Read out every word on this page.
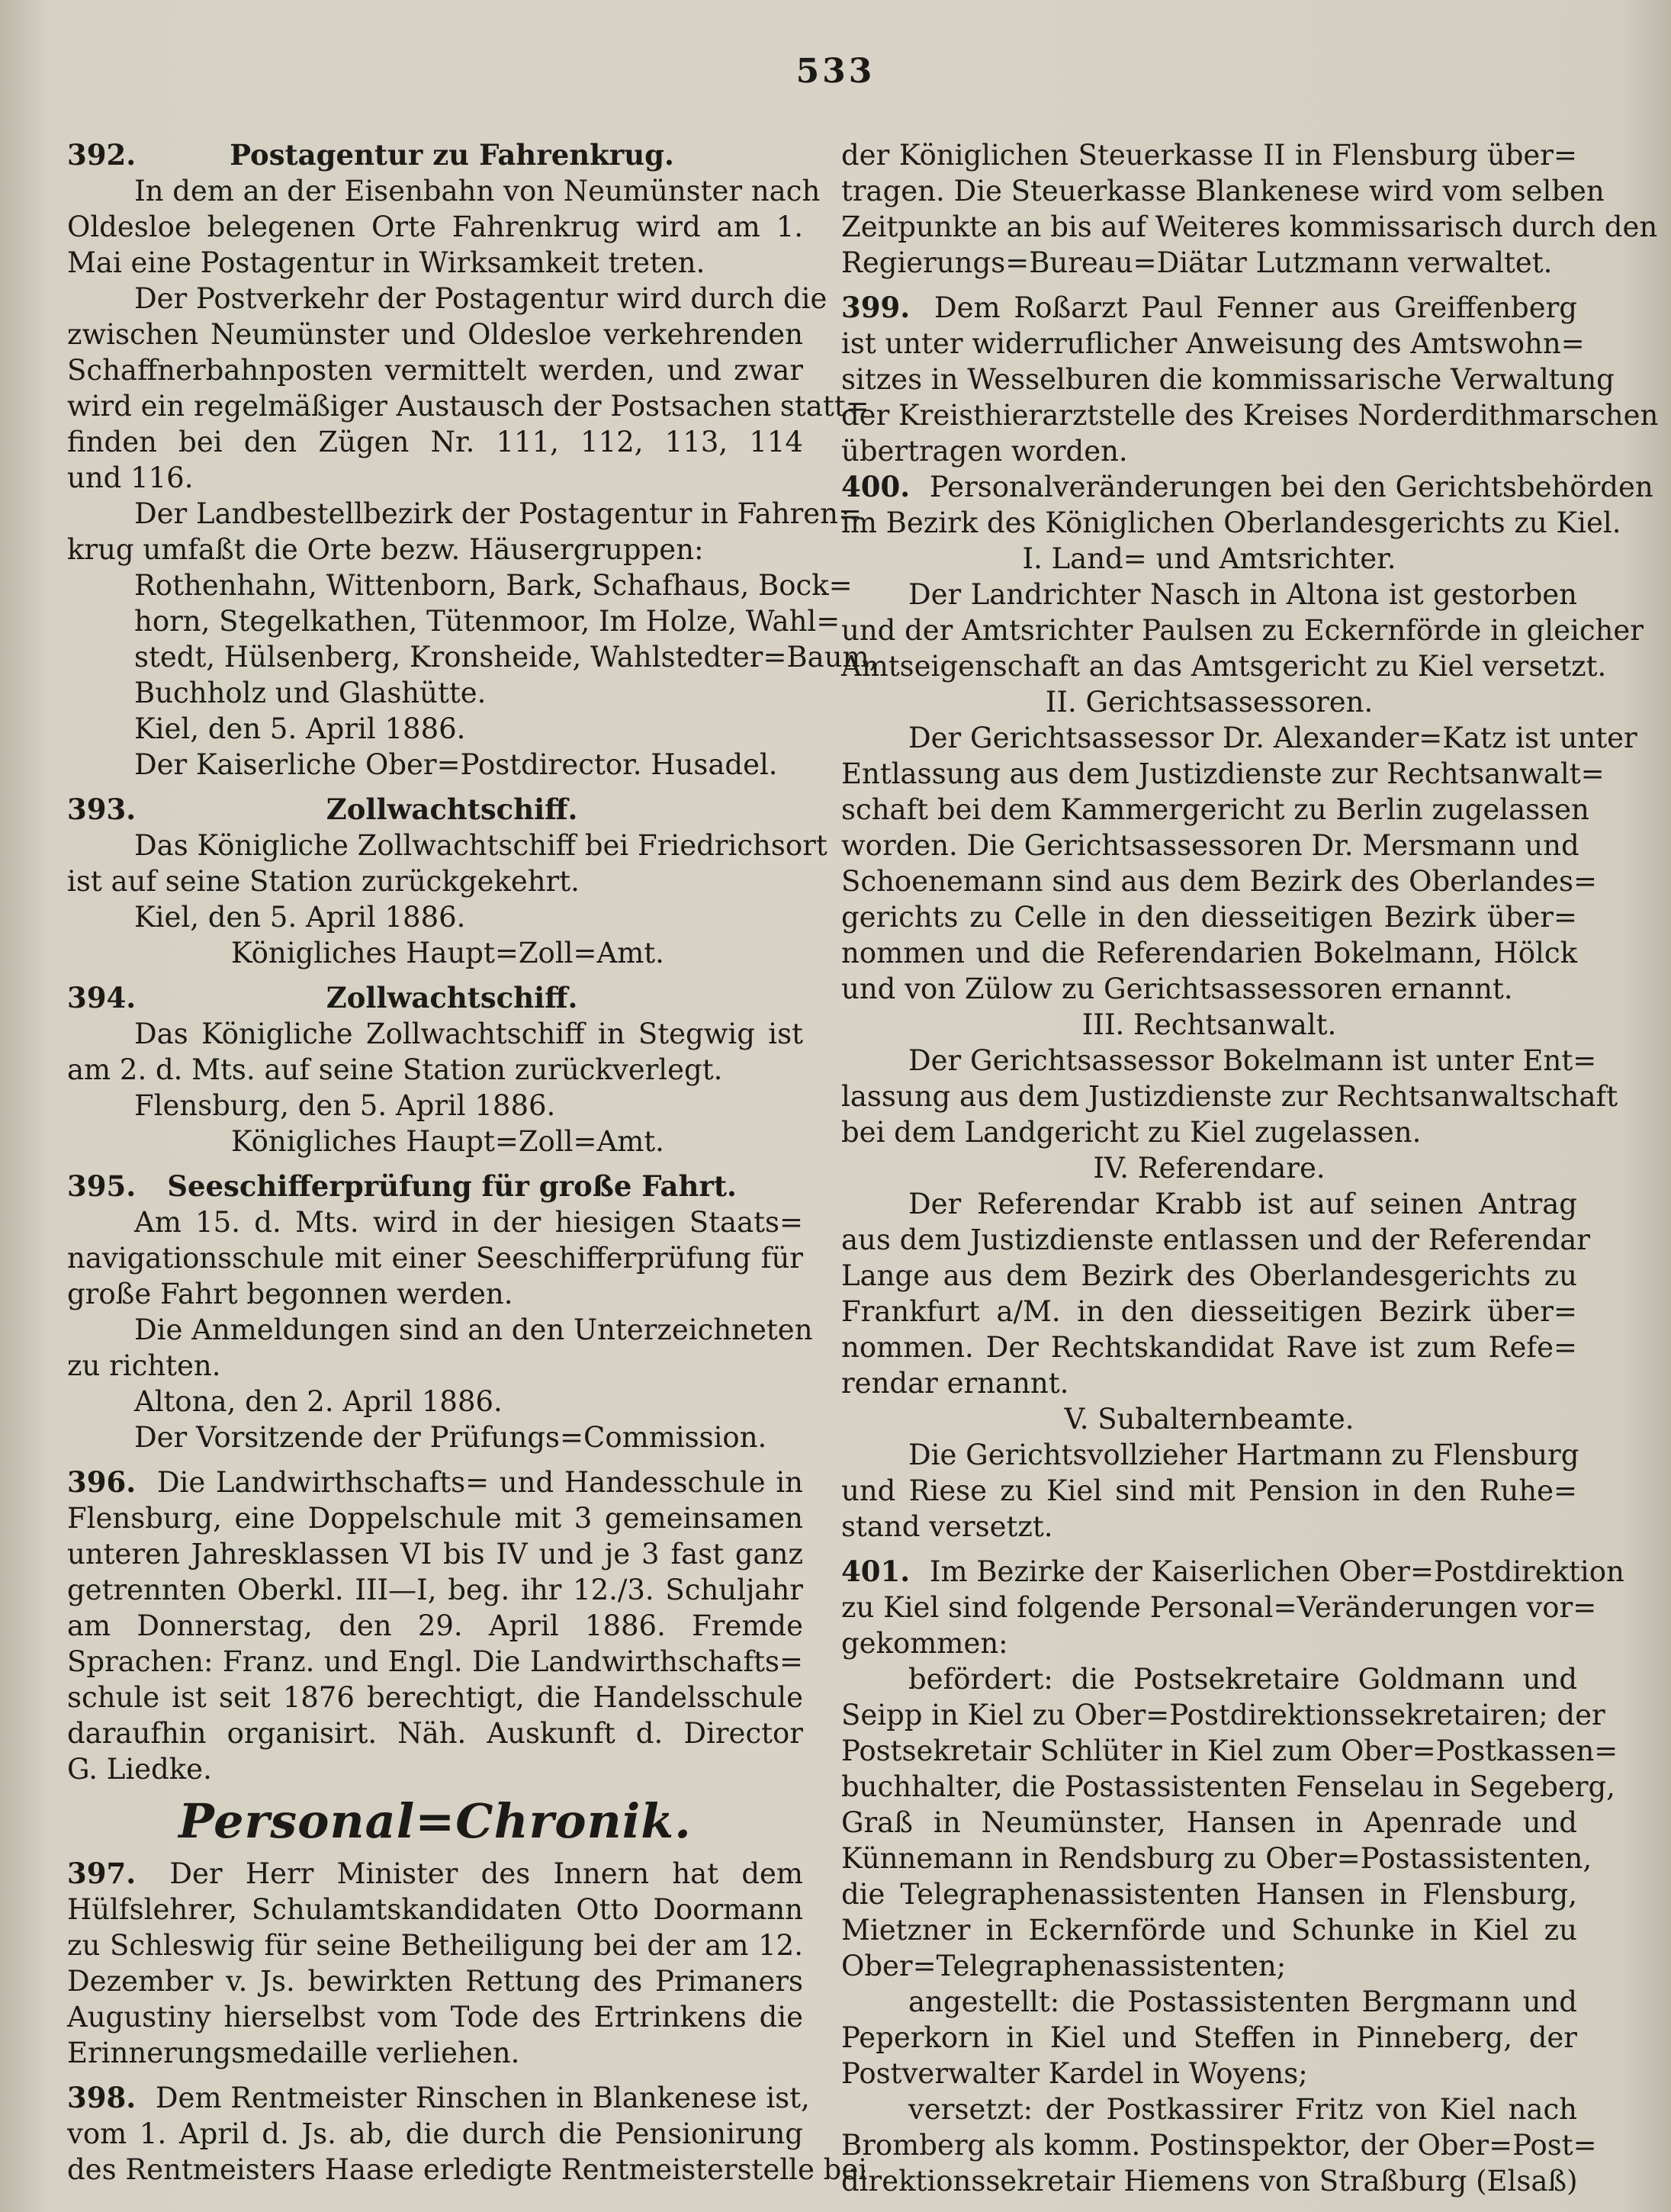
533
392.	Postagentur zu Fahrenkrug.
In dem an der Eisenbahn von Neumünster nach
Oldesloe belegenen Orte Fahrenkrug wird am 1.
Mai eine Postagentur in Wirksamkeit treten.
Der Postverkehr der Postagentur wird durch die
zwischen Neumünster und Oldesloe verkehrenden
Schaffnerbahnposten vermittelt werden, und zwar
wird ein regelmäßiger Austausch der Postsachen statt=
finden bei den Zügen Nr. 111, 112, 113, 114
und 116.
Der Landbestellbezirk der Postagentur in Fahren=
krug umfaßt die Orte bezw. Häusergruppen:
Rothenhahn, Wittenborn, Bark, Schafhaus, Bock=
horn, Stegelkathen, Tütenmoor, Im Holze, Wahl=
stedt, Hülsenberg, Kronsheide, Wahlstedter=Baum,
Buchholz und Glashütte.
Kiel, den 5. April 1886.
Der Kaiserliche Ober=Postdirector. Husadel.
393.	Zollwachtschiff.
Das Königliche Zollwachtschiff bei Friedrichsort
ist auf seine Station zurückgekehrt.
Kiel, den 5. April 1886.
Königliches Haupt=Zoll=Amt.
394.	Zollwachtschiff.
Das Königliche Zollwachtschiff in Stegwig ist
am 2. d. Mts. auf seine Station zurückverlegt.
Flensburg, den 5. April 1886.
Königliches Haupt=Zoll=Amt.
395.	Seeschifferprüfung für große Fahrt.
Am 15. d. Mts. wird in der hiesigen Staats=
navigationsschule mit einer Seeschifferprüfung für
große Fahrt begonnen werden.
Die Anmeldungen sind an den Unterzeichneten
zu richten.
Altona, den 2. April 1886.
Der Vorsitzende der Prüfungs=Commission.
396. Die Landwirthschafts= und Handesschule in
Flensburg, eine Doppelschule mit 3 gemeinsamen
unteren Jahresklassen VI bis IV und je 3 fast ganz
getrennten Oberkl. III—I, beg. ihr 12./3. Schuljahr
am Donnerstag, den 29. April 1886. Fremde
Sprachen: Franz. und Engl. Die Landwirthschafts=
schule ist seit 1876 berechtigt, die Handelsschule
daraufhin organisirt. Näh. Auskunft d. Director
G. Liedke.
Personal=Chronik.
397. Der Herr Minister des Innern hat dem
Hülfslehrer, Schulamtskandidaten Otto Doormann
zu Schleswig für seine Betheiligung bei der am 12.
Dezember v. Js. bewirkten Rettung des Primaners
Augustiny hierselbst vom Tode des Ertrinkens die
Erinnerungsmedaille verliehen.
398. Dem Rentmeister Rinschen in Blankenese ist,
vom 1. April d. Js. ab, die durch die Pensionirung
des Rentmeisters Haase erledigte Rentmeisterstelle bei
der Königlichen Steuerkasse II in Flensburg über=
tragen. Die Steuerkasse Blankenese wird vom selben
Zeitpunkte an bis auf Weiteres kommissarisch durch den
Regierungs=Bureau=Diätar Lutzmann verwaltet.
399. Dem Roßarzt Paul Fenner aus Greiffenberg
ist unter widerruflicher Anweisung des Amtswohn=
sitzes in Wesselburen die kommissarische Verwaltung
der Kreisthierarztstelle des Kreises Norderdithmarschen
übertragen worden.
400. Personalveränderungen bei den Gerichtsbehörden
im Bezirk des Königlichen Oberlandesgerichts zu Kiel.
I. Land= und Amtsrichter.
Der Landrichter Nasch in Altona ist gestorben
und der Amtsrichter Paulsen zu Eckernförde in gleicher
Amtseigenschaft an das Amtsgericht zu Kiel versetzt.
II. Gerichtsassessoren.
Der Gerichtsassessor Dr. Alexander=Katz ist unter
Entlassung aus dem Justizdienste zur Rechtsanwalt=
schaft bei dem Kammergericht zu Berlin zugelassen
worden. Die Gerichtsassessoren Dr. Mersmann und
Schoenemann sind aus dem Bezirk des Oberlandes=
gerichts zu Celle in den diesseitigen Bezirk über=
nommen und die Referendarien Bokelmann, Hölck
und von Zülow zu Gerichtsassessoren ernannt.
III. Rechtsanwalt.
Der Gerichtsassessor Bokelmann ist unter Ent=
lassung aus dem Justizdienste zur Rechtsanwaltschaft
bei dem Landgericht zu Kiel zugelassen.
IV. Referendare.
Der Referendar Krabb ist auf seinen Antrag
aus dem Justizdienste entlassen und der Referendar
Lange aus dem Bezirk des Oberlandesgerichts zu
Frankfurt a/M. in den diesseitigen Bezirk über=
nommen. Der Rechtskandidat Rave ist zum Refe=
rendar ernannt.
V. Subalternbeamte.
Die Gerichtsvollzieher Hartmann zu Flensburg
und Riese zu Kiel sind mit Pension in den Ruhe=
stand versetzt.
401. Im Bezirke der Kaiserlichen Ober=Postdirektion
zu Kiel sind folgende Personal=Veränderungen vor=
gekommen:
befördert: die Postsekretaire Goldmann und
Seipp in Kiel zu Ober=Postdirektionssekretairen; der
Postsekretair Schlüter in Kiel zum Ober=Postkassen=
buchhalter, die Postassistenten Fenselau in Segeberg,
Graß in Neumünster, Hansen in Apenrade und
Künnemann in Rendsburg zu Ober=Postassistenten,
die Telegraphenassistenten Hansen in Flensburg,
Mietzner in Eckernförde und Schunke in Kiel zu
Ober=Telegraphenassistenten;
angestellt: die Postassistenten Bergmann und
Peperkorn in Kiel und Steffen in Pinneberg, der
Postverwalter Kardel in Woyens;
versetzt: der Postkassirer Fritz von Kiel nach
Bromberg als komm. Postinspektor, der Ober=Post=
direktionssekretair Hiemens von Straßburg (Elsaß)
